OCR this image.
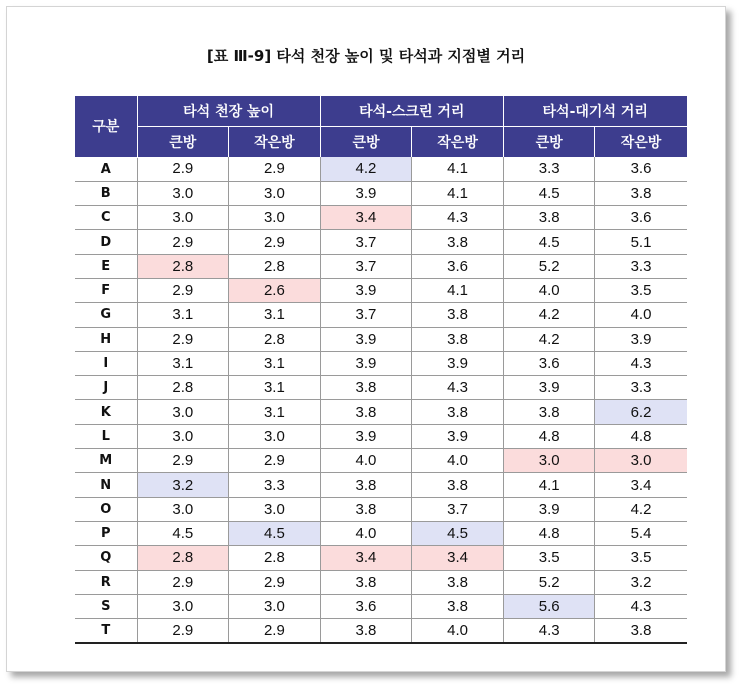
[표 Ⅲ-9] 타석 천장 높이 및 타석과 지점별 거리
구분	타석 천장 높이		타석-스크린 거리		타석-대기석 거리	
	큰방	작은방	큰방	작은방	큰방	작은방
A	2.9	2.9	4.2	4.1	3.3	3.6
B	3.0	3.0	3.9	4.1	4.5	3.8
C	3.0	3.0	3.4	4.3	3.8	3.6
D	2.9	2.9	3.7	3.8	4.5	5.1
E	2.8	2.8	3.7	3.6	5.2	3.3
F	2.9	2.6	3.9	4.1	4.0	3.5
G	3.1	3.1	3.7	3.8	4.2	4.0
H	2.9	2.8	3.9	3.8	4.2	3.9
I	3.1	3.1	3.9	3.9	3.6	4.3
J	2.8	3.1	3.8	4.3	3.9	3.3
K	3.0	3.1	3.8	3.8	3.8	6.2
L	3.0	3.0	3.9	3.9	4.8	4.8
M	2.9	2.9	4.0	4.0	3.0	3.0
N	3.2	3.3	3.8	3.8	4.1	3.4
O	3.0	3.0	3.8	3.7	3.9	4.2
P	4.5	4.5	4.0	4.5	4.8	5.4
Q	2.8	2.8	3.4	3.4	3.5	3.5
R	2.9	2.9	3.8	3.8	5.2	3.2
S	3.0	3.0	3.6	3.8	5.6	4.3
T	2.9	2.9	3.8	4.0	4.3	3.8
